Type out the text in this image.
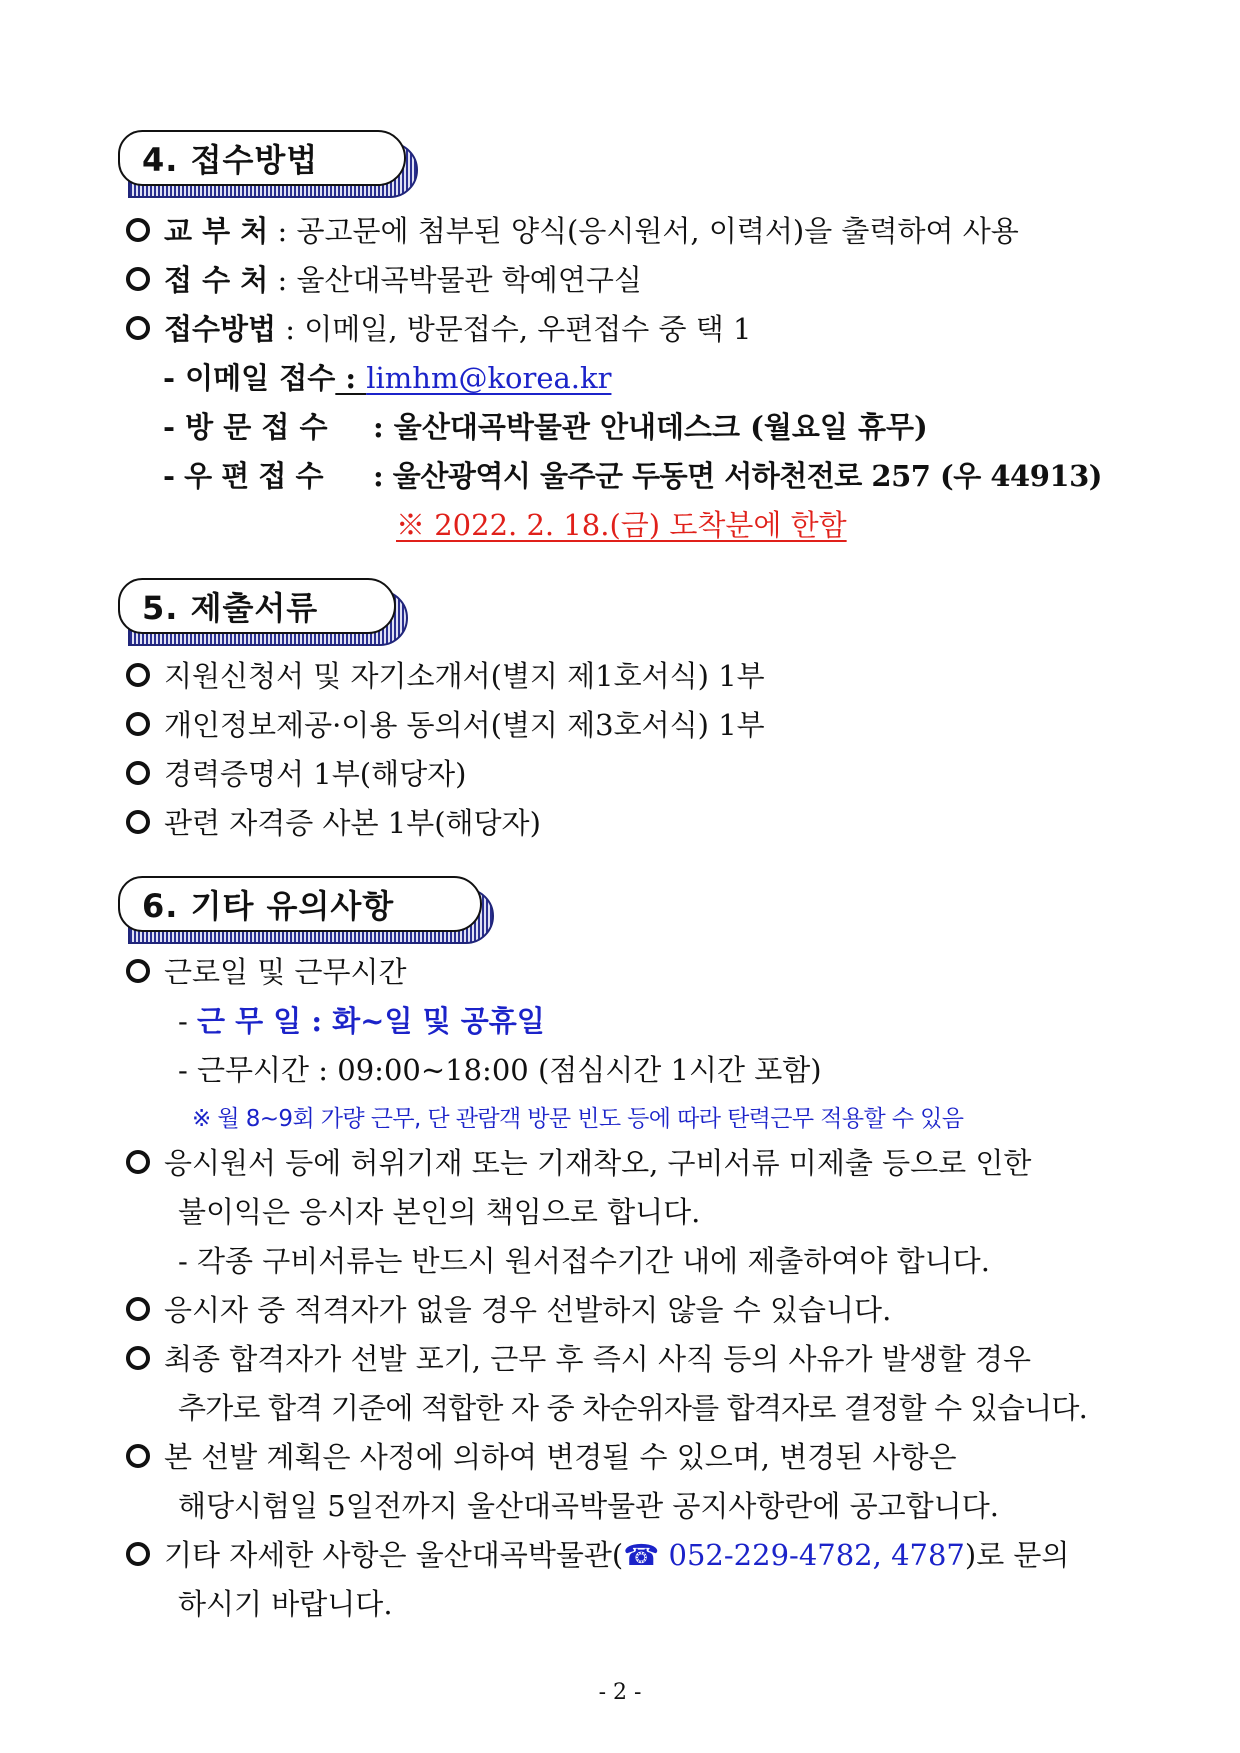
4. 접수방법
교 부 처 : 공고문에 첨부된 양식(응시원서, 이력서)을 출력하여 사용
접 수 처 : 울산대곡박물관 학예연구실
접수방법 : 이메일, 방문접수, 우편접수 중 택 1
- 이메일 접수 : limhm@korea.kr
- 방 문 접 수 : 울산대곡박물관 안내데스크 (월요일 휴무)
- 우 편 접 수 : 울산광역시 울주군 두동면 서하천전로 257 (우 44913)
※ 2022. 2. 18.(금) 도착분에 한함
5. 제출서류
지원신청서 및 자기소개서(별지 제1호서식) 1부
개인정보제공·이용 동의서(별지 제3호서식) 1부
경력증명서 1부(해당자)
관련 자격증 사본 1부(해당자)
6. 기타 유의사항
근로일 및 근무시간
- 근 무 일 : 화~일 및 공휴일
- 근무시간 : 09:00∼18:00 (점심시간 1시간 포함)
※ 월 8~9회 가량 근무, 단 관람객 방문 빈도 등에 따라 탄력근무 적용할 수 있음
응시원서 등에 허위기재 또는 기재착오, 구비서류 미제출 등으로 인한
불이익은 응시자 본인의 책임으로 합니다.
- 각종 구비서류는 반드시 원서접수기간 내에 제출하여야 합니다.
응시자 중 적격자가 없을 경우 선발하지 않을 수 있습니다.
최종 합격자가 선발 포기, 근무 후 즉시 사직 등의 사유가 발생할 경우
추가로 합격 기준에 적합한 자 중 차순위자를 합격자로 결정할 수 있습니다.
본 선발 계획은 사정에 의하여 변경될 수 있으며, 변경된 사항은
해당시험일 5일전까지 울산대곡박물관 공지사항란에 공고합니다.
기타 자세한 사항은 울산대곡박물관(☎ 052-229-4782, 4787)로 문의
하시기 바랍니다.
- 2 -
